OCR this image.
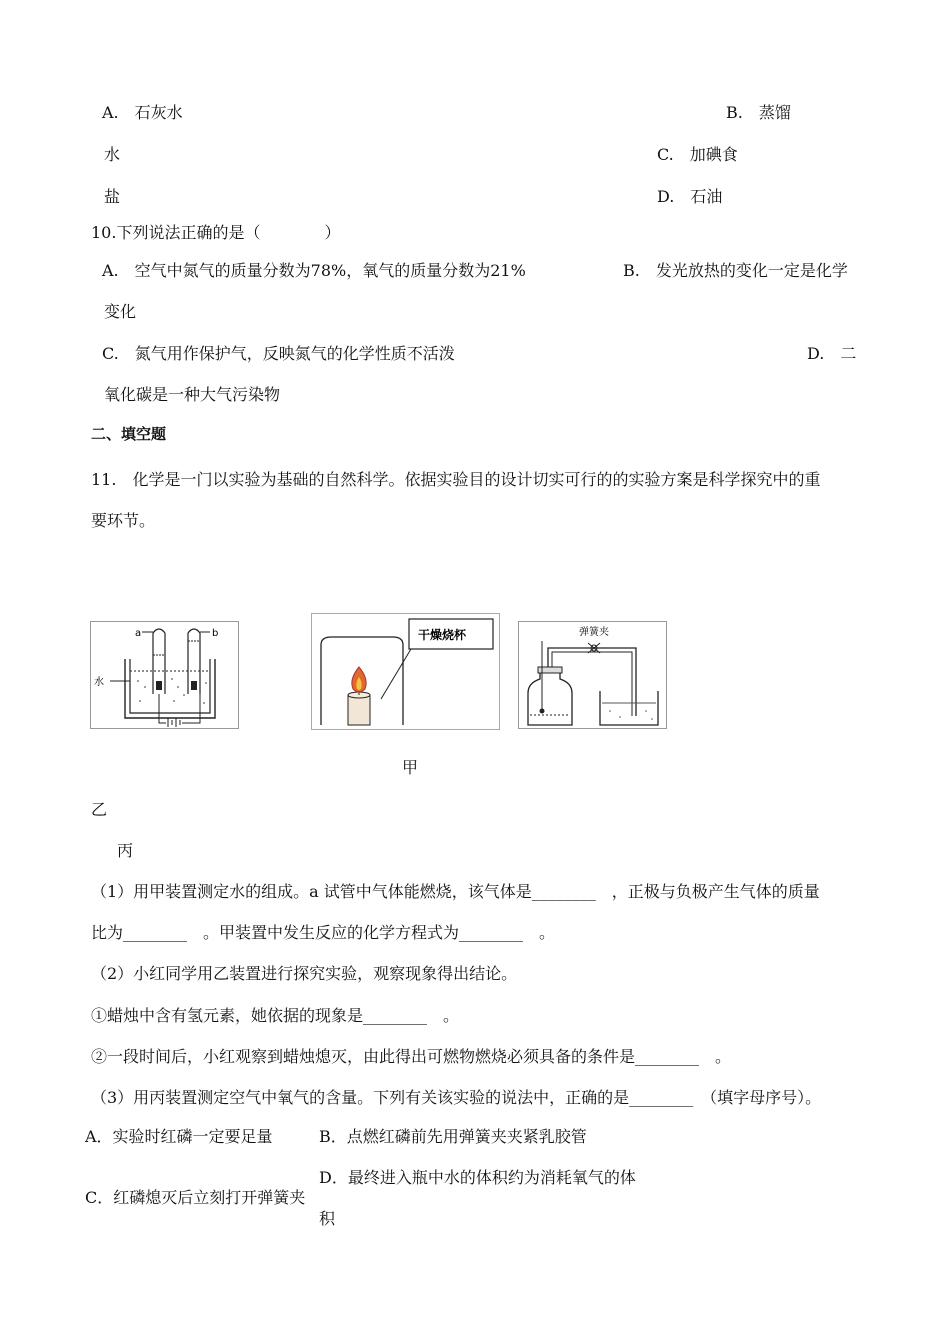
A.　石灰水	B.　蒸馏
水	C.　加碘食
盐	D.　石油
10.下列说法正确的是（　　　　）
A.　空气中氮气的质量分数为78%，氧气的质量分数为21%	B.　发光放热的变化一定是化学
变化
C.　氮气用作保护气，反映氮气的化学性质不活泼	D.　二
氧化碳是一种大气污染物
二、填空题
11.　化学是一门以实验为基础的自然科学。依据实验目的设计切实可行的的实验方案是科学探究中的重
要环节。
a	b
水
干燥烧杯	弹簧夹
甲
乙
丙
（1）用甲装置测定水的组成。a 试管中气体能燃烧，该气体是________　，正极与负极产生气体的质量
比为________　。甲装置中发生反应的化学方程式为________　。
（2）小红同学用乙装置进行探究实验，观察现象得出结论。
①蜡烛中含有氢元素，她依据的现象是________　。
②一段时间后，小红观察到蜡烛熄灭，由此得出可燃物燃烧必须具备的条件是________　。
（3）用丙装置测定空气中氧气的含量。下列有关该实验的说法中，正确的是________　（填字母序号）。
A．实验时红磷一定要足量	B．点燃红磷前先用弹簧夹夹紧乳胶管
D．最终进入瓶中水的体积约为消耗氧气的体
C．红磷熄灭后立刻打开弹簧夹
积
